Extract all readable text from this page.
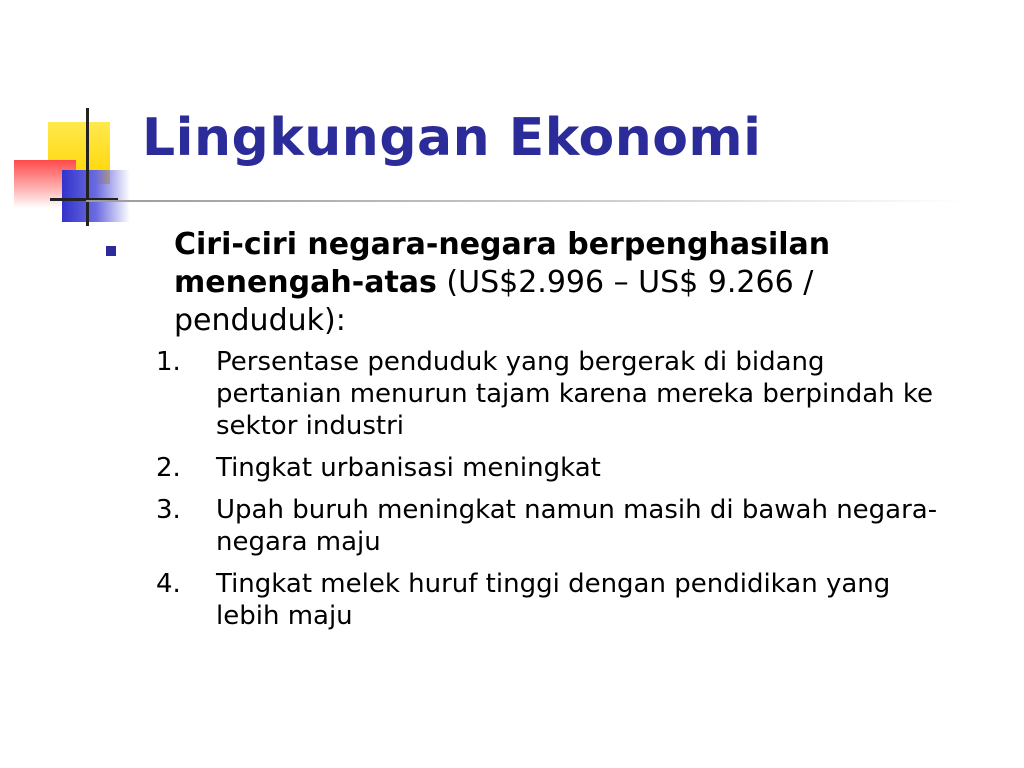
Lingkungan Ekonomi
Ciri-ciri negara-negara berpenghasilan menengah-atas (US$2.996 – US$ 9.266 / penduduk):
1.	Persentase penduduk yang bergerak di bidang pertanian menurun tajam karena mereka berpindah ke sektor industri
2.	Tingkat urbanisasi meningkat
3.	Upah buruh meningkat namun masih di bawah negara-negara maju
4.	Tingkat melek huruf tinggi dengan pendidikan yang lebih maju
